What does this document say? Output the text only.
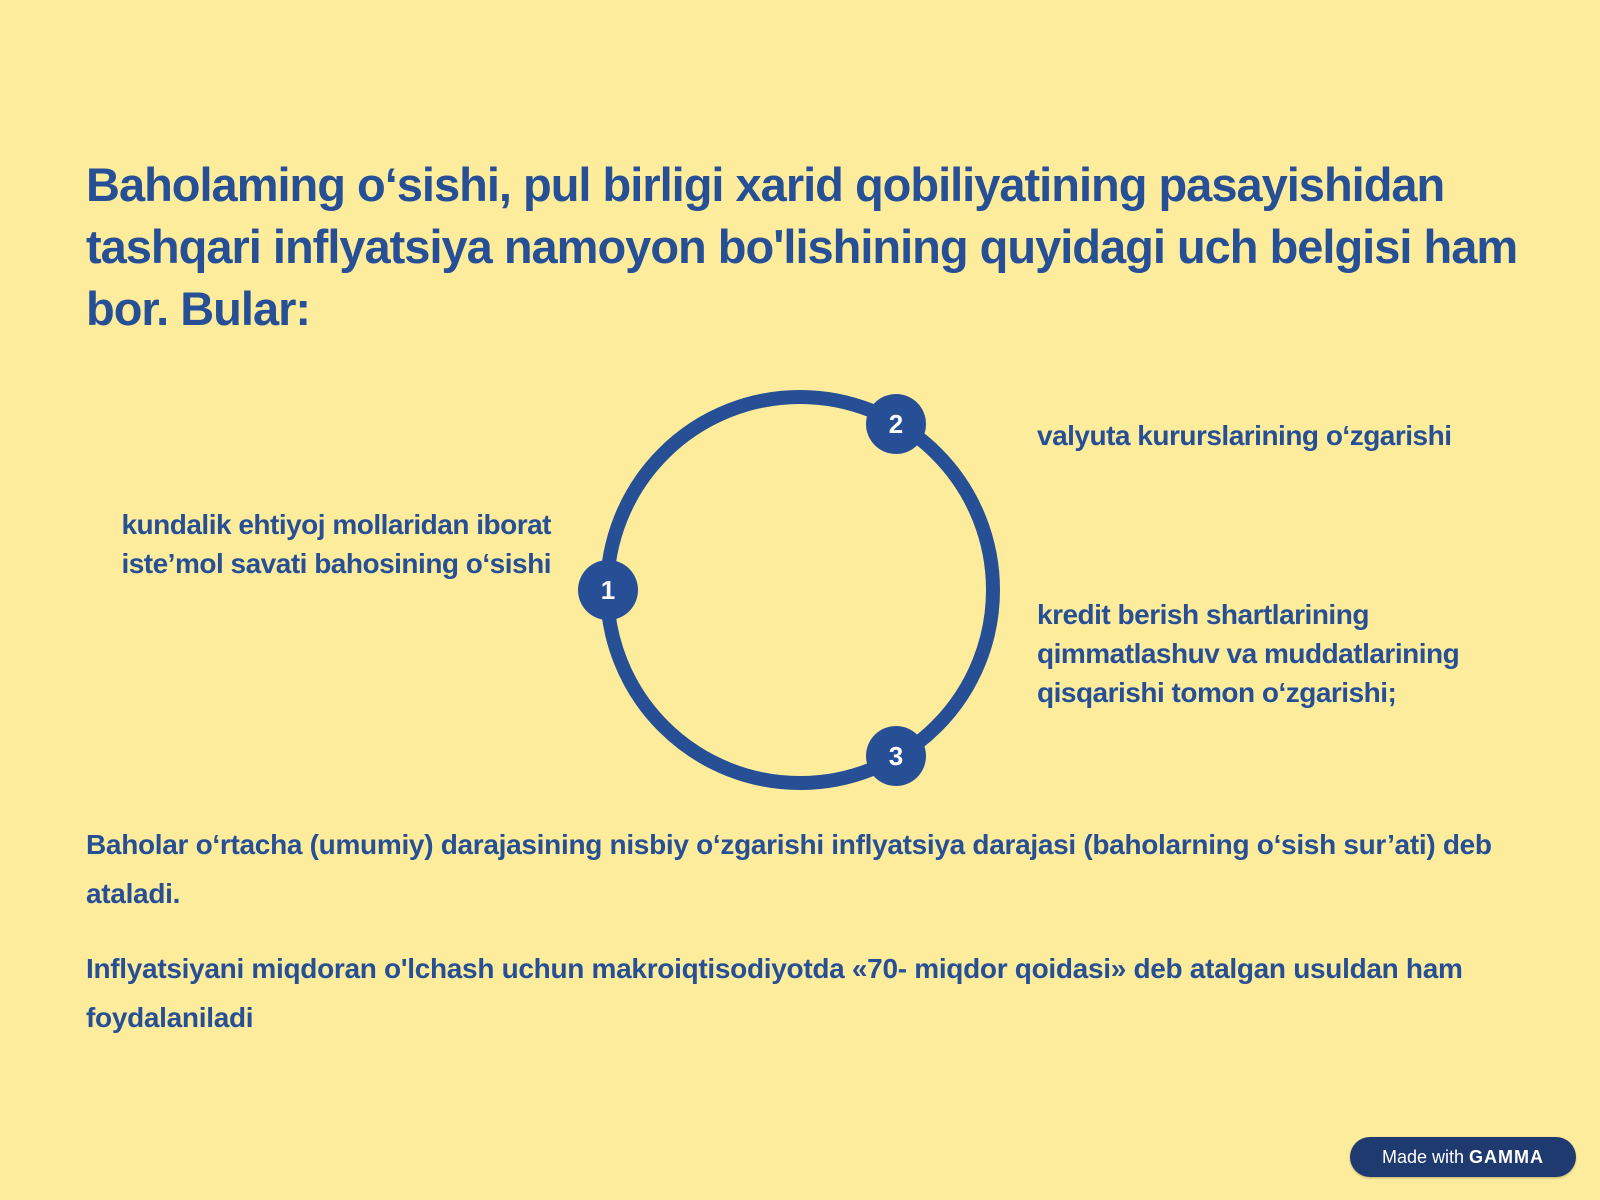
Baholaming o‘sishi, pul birligi xarid qobiliyatining pasayishidan tashqari inflyatsiya namoyon bo'lishining quyidagi uch belgisi ham bor. Bular:
1
2
3
kundalik ehtiyoj mollaridan iborat iste’mol savati bahosining o‘sishi
valyuta kururslarining o‘zgarishi
kredit berish shartlarining qimmatlashuv va muddatlarining qisqarishi tomon o‘zgarishi;

Baholar o‘rtacha (umumiy) darajasining nisbiy o‘zgarishi inflyatsiya darajasi (baholarning o‘sish sur’ati) deb ataladi.

Inflyatsiyani miqdoran o'lchash uchun makroiqtisodiyotda «70- miqdor qoidasi» deb atalgan usuldan ham foydalaniladi

Made with GAMMA
